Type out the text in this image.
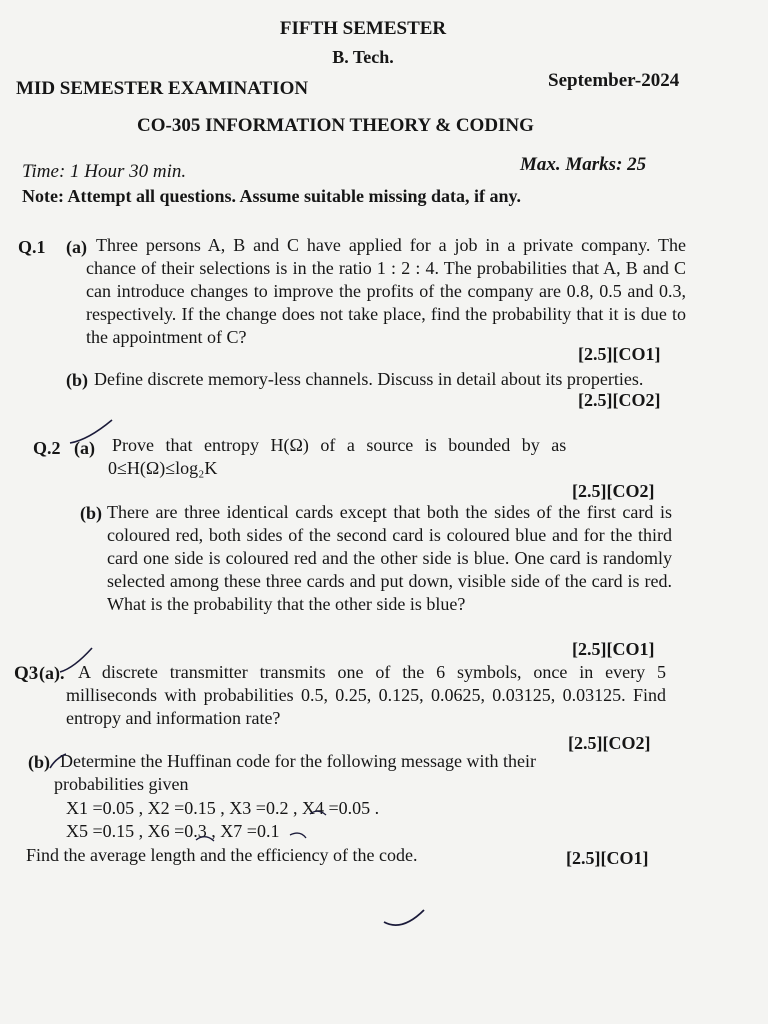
FIFTH SEMESTER
B. Tech.
MID SEMESTER EXAMINATION	September-2024
CO-305 INFORMATION THEORY & CODING
Time: 1 Hour 30 min.	Max. Marks: 25
Note: Attempt all questions. Assume suitable missing data, if any.
Q.1 (a) Three persons A, B and C have applied for a job in a private company. The chance of their selections is in the ratio 1 : 2 : 4. The probabilities that A, B and C can introduce changes to improve the profits of the company are 0.8, 0.5 and 0.3, respectively. If the change does not take place, find the probability that it is due to the appointment of C?
[2.5][CO1]
(b) Define discrete memory-less channels. Discuss in detail about its properties.
[2.5][CO2]
Q.2 (a) Prove that entropy H(Ω) of a source is bounded by as
0≤H(Ω)≤log₂K
[2.5][CO2]
(b) There are three identical cards except that both the sides of the first card is coloured red, both sides of the second card is coloured blue and for the third card one side is coloured red and the other side is blue. One card is randomly selected among these three cards and put down, visible side of the card is red. What is the probability that the other side is blue?
[2.5][CO1]
Q3 (a). A discrete transmitter transmits one of the 6 symbols, once in every 5 milliseconds with probabilities 0.5, 0.25, 0.125, 0.0625, 0.03125, 0.03125. Find entropy and information rate?
[2.5][CO2]
(b) Determine the Huffinan code for the following message with their probabilities given
X1 =0.05 , X2 =0.15 , X3 =0.2 , X4 =0.05 .
X5 =0.15 , X6 =0.3 , X7 =0.1
Find the average length and the efficiency of the code.	[2.5][CO1]
